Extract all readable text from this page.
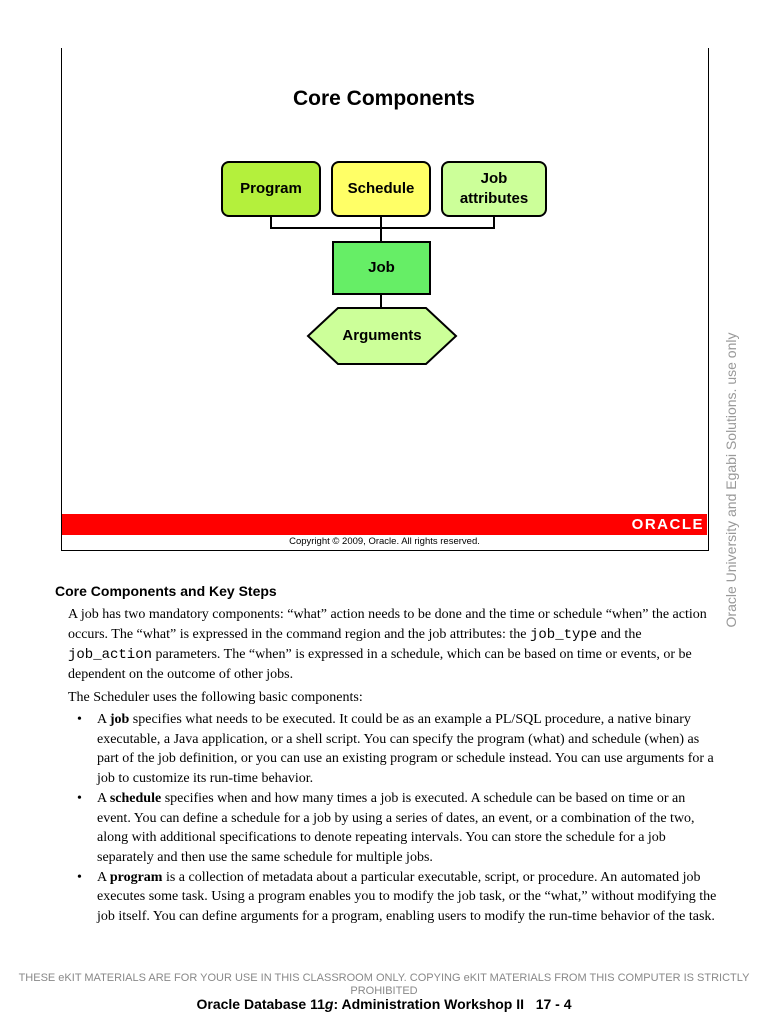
Core Components
Program	Schedule
Job attributes
Job
Arguments
ORACLE
Copyright © 2009, Oracle. All rights reserved.	Oracle University and Egabi Solutions. use only
Core Components and Key Steps
A job has two mandatory components: “what” action needs to be done and the time or schedule “when” the action occurs. The “what” is expressed in the command region and the job attributes: the job_type and the job_action parameters. The “when” is expressed in a schedule, which can be based on time or events, or be dependent on the outcome of other jobs.
The Scheduler uses the following basic components:
• A job specifies what needs to be executed. It could be as an example a PL/SQL procedure, a native binary executable, a Java application, or a shell script. You can specify the program (what) and schedule (when) as part of the job definition, or you can use an existing program or schedule instead. You can use arguments for a job to customize its run-time behavior.
• A schedule specifies when and how many times a job is executed. A schedule can be based on time or an event. You can define a schedule for a job by using a series of dates, an event, or a combination of the two, along with additional specifications to denote repeating intervals. You can store the schedule for a job separately and then use the same schedule for multiple jobs.
• A program is a collection of metadata about a particular executable, script, or procedure. An automated job executes some task. Using a program enables you to modify the job task, or the “what,” without modifying the job itself. You can define arguments for a program, enabling users to modify the run-time behavior of the task.
THESE eKIT MATERIALS ARE FOR YOUR USE IN THIS CLASSROOM ONLY. COPYING eKIT MATERIALS FROM THIS COMPUTER IS STRICTLY PROHIBITED
Oracle Database 11g: Administration Workshop II 17 - 4
